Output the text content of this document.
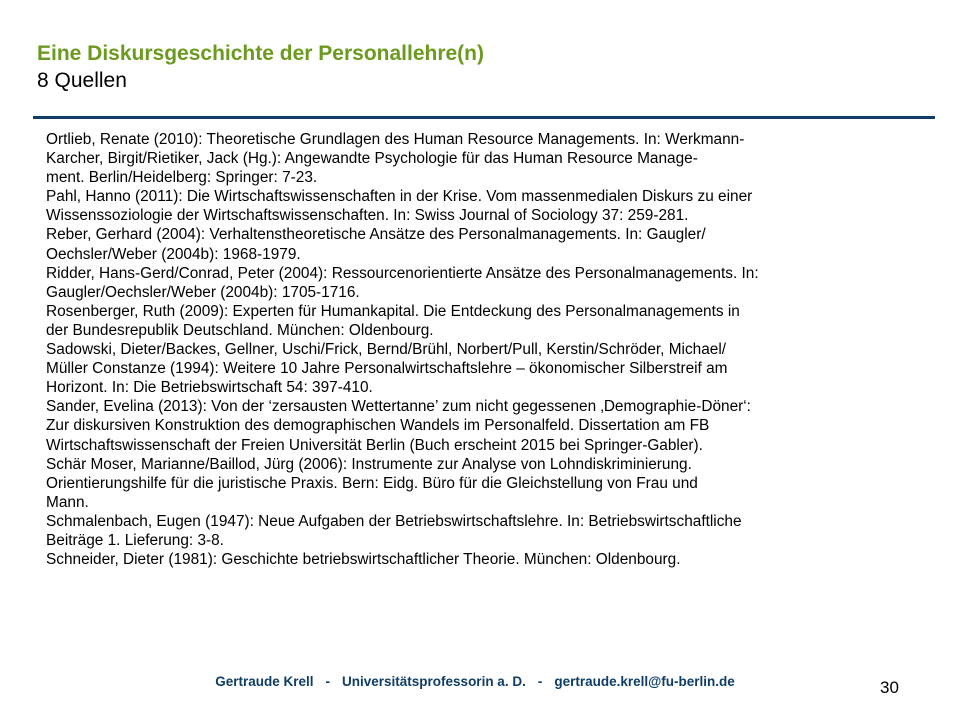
Eine Diskursgeschichte der Personallehre(n)
8 Quellen
Ortlieb, Renate (2010): Theoretische Grundlagen des Human Resource Managements. In: Werkmann-
Karcher, Birgit/Rietiker, Jack (Hg.): Angewandte Psychologie für das Human Resource Manage-
ment. Berlin/Heidelberg: Springer: 7-23.
Pahl, Hanno (2011): Die Wirtschaftswissenschaften in der Krise. Vom massenmedialen Diskurs zu einer
Wissenssoziologie der Wirtschaftswissenschaften. In: Swiss Journal of Sociology 37: 259-281.
Reber, Gerhard (2004): Verhaltenstheoretische Ansätze des Personalmanagements. In: Gaugler/
Oechsler/Weber (2004b): 1968-1979.
Ridder, Hans-Gerd/Conrad, Peter (2004): Ressourcenorientierte Ansätze des Personalmanagements. In:
Gaugler/Oechsler/Weber (2004b): 1705-1716.
Rosenberger, Ruth (2009): Experten für Humankapital. Die Entdeckung des Personalmanagements in
der Bundesrepublik Deutschland. München: Oldenbourg.
Sadowski, Dieter/Backes, Gellner, Uschi/Frick, Bernd/Brühl, Norbert/Pull, Kerstin/Schröder, Michael/
Müller Constanze (1994): Weitere 10 Jahre Personalwirtschaftslehre – ökonomischer Silberstreif am
Horizont. In: Die Betriebswirtschaft 54: 397-410.
Sander, Evelina (2013): Von der ‘zersausten Wettertanne’ zum nicht gegessenen ‚Demographie-Döner‘:
Zur diskursiven Konstruktion des demographischen Wandels im Personalfeld. Dissertation am FB
Wirtschaftswissenschaft der Freien Universität Berlin (Buch erscheint 2015 bei Springer-Gabler).
Schär Moser, Marianne/Baillod, Jürg (2006): Instrumente zur Analyse von Lohndiskriminierung.
Orientierungshilfe für die juristische Praxis. Bern: Eidg. Büro für die Gleichstellung von Frau und
Mann.
Schmalenbach, Eugen (1947): Neue Aufgaben der Betriebswirtschaftslehre. In: Betriebswirtschaftliche
Beiträge 1. Lieferung: 3-8.
Schneider, Dieter (1981): Geschichte betriebswirtschaftlicher Theorie. München: Oldenbourg.
Gertraude Krell - Universitätsprofessorin a. D. - gertraude.krell@fu-berlin.de	30
